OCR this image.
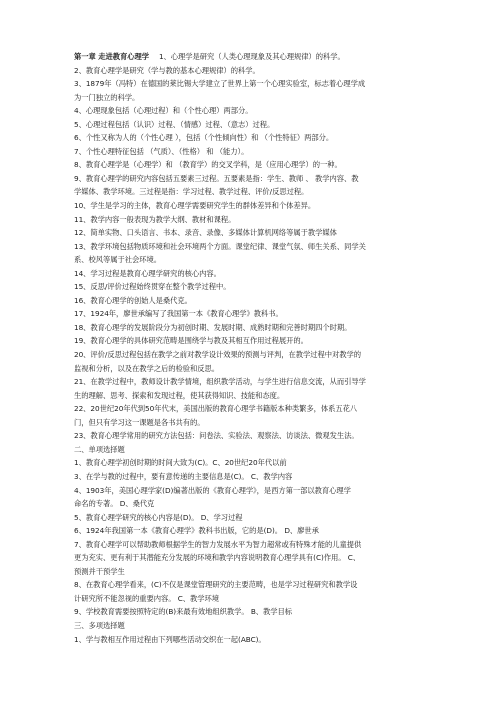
第一章 走进教育心理学 1、心理学是研究（人类心理现象及其心理规律）的科学。
2、教育心理学是研究（学与教的基本心理规律）的科学。
3、1879年（冯特）在德国的莱比锡大学建立了世界上第一个心理实验室，标志着心理学成
为一门独立的科学。
4、心理现象包括（心理过程）和（个性心理）两部分。
5、心理过程包括（认识）过程、（情感）过程、（意志）过程。
6、个性又称为人的（个性心理 ），包括（个性倾向性）和 （个性特征）两部分。
7、个性心理特征包括 （气质）、（性格） 和 （能力）。
8、教育心理学是（心理学）和 （教育学）的交叉学科，是（应用心理学）的一种。
9、教育心理学的研究内容包括五要素三过程。五要素是指：学生、教师 、 教学内容、教
学媒体、教学环境。三过程是指：学习过程、教学过程、评价/反思过程。
10、学生是学习的主体，教育心理学需要研究学生的群体差异和个体差异。
11、教学内容一般表现为教学大纲、教材和课程。
12、简单实物、口头语言、书本、录音、录像、多媒体计算机网络等属于教学媒体
13、教学环境包括物质环境和社会环境两个方面。课堂纪律、课堂气氛、师生关系、同学关
系、校风等属于社会环境。
14、学习过程是教育心理学研究的核心内容。
15、反思/评价过程始终贯穿在整个教学过程中。
16、教育心理学的创始人是桑代克。
17、1924年，廖世承编写了我国第一本《教育心理学》教科书。
18、教育心理学的发展阶段分为初创时期、发展时期、成熟时期和完善时期四个时期。
19、教育心理学的具体研究范畴是围绕学与教及其相互作用过程展开的。
20、评价/反思过程包括在教学之前对教学设计效果的预测与评判，在教学过程中对教学的
监视和分析，以及在教学之后的检验和反思。
21、在教学过程中，教师设计教学情境，组织教学活动，与学生进行信息交流，从而引导学
生的理解、思考、探索和发现过程，使其获得知识、技能和态度。
22、20世纪20年代到50年代末，美国出版的教育心理学书籍版本种类繁多，体系五花八
门，但只有学习这一课题是各书共有的。
23、教育心理学常用的研究方法包括：问卷法、实验法、观察法、访谈法、微观发生法。
二、单项选择题
1、教育心理学初创时期的时间大致为(C)。C、20世纪20年代以前
3、在学与教的过程中，要有意传递的主要信息是(C)。 C、教学内容
4、1903年，美国心理学家(D)编著出版的《教育心理学》，是西方第一部以教育心理学
命名的专著。 D、桑代克
5、教育心理学研究的核心内容是(D)。 D、学习过程
6、1924年我国第一本《教育心理学》教科书出版，它的是(D)。 D、廖世承
7、教育心理学可以帮助教师根据学生的智力发展水平为智力超常或有特殊才能的儿童提供
更为充实、更有利于其潜能充分发展的环境和教学内容说明教育心理学具有(C)作用。 C、
预测并干预学生
8、在教育心理学看来，(C)不仅是课堂管理研究的主要范畴，也是学习过程研究和教学设
计研究所不能忽视的重要内容。 C、教学环境
9、学校教育需要按照特定的(B)来最有效地组织教学。 B、教学目标
三、多项选择题
1、学与教相互作用过程由下列哪些活动交织在一起(ABC)。
